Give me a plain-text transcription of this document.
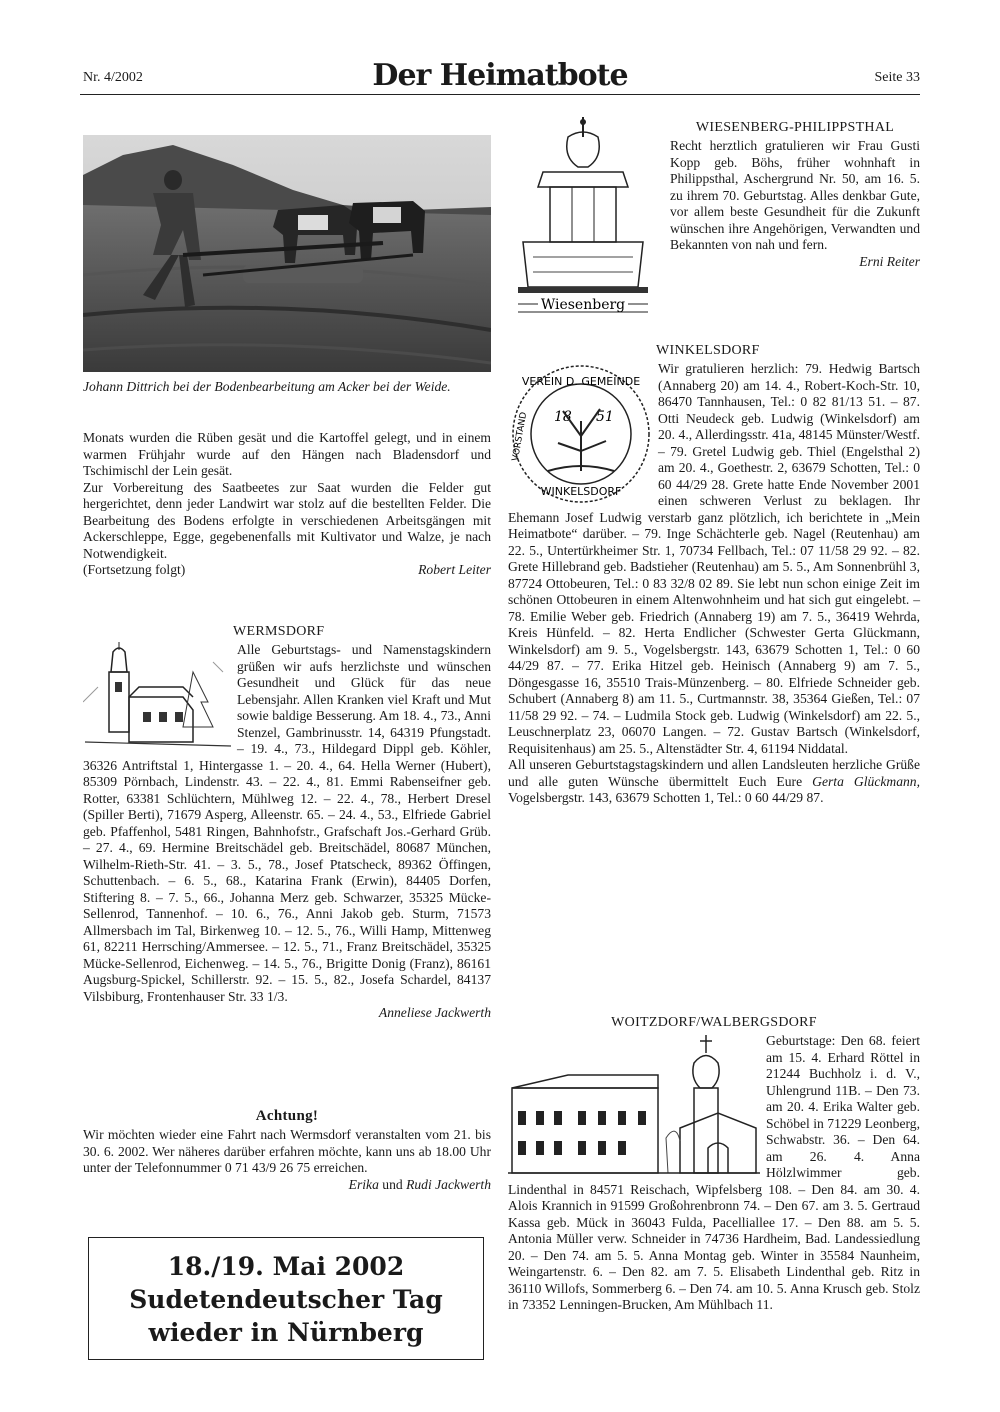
Nr. 4/2002	Der Heimatbote	Seite 33
Johann Dittrich bei der Bodenbearbeitung am Acker bei der Weide.

Monats wurden die Rüben gesät und die Kartoffel gelegt, und in einem warmen Frühjahr wurde auf den Hängen nach Bladensdorf und Tschimischl der Lein gesät.

Zur Vorbereitung des Saatbeetes zur Saat wurden die Felder gut hergerichtet, denn jeder Landwirt war stolz auf die bestellten Felder. Die Bearbeitung des Bodens erfolgte in verschiedenen Arbeitsgängen mit Ackerschleppe, Egge, gegebenenfalls mit Kultivator und Walze, je nach Notwendigkeit.

(Fortsetzung folgt)	Robert Leiter

WERMSDORF
Alle Geburtstags- und Namenstagskindern grüßen wir aufs herzlichste und wünschen Gesundheit und Glück für das neue Lebensjahr. Allen Kranken viel Kraft und Mut sowie baldige Besserung. Am 18. 4., 73., Anni Stenzel, Gambrinusstr. 14, 64319 Pfungstadt. – 19. 4., 73., Hildegard Dippl geb. Köhler, 36326 Antriftstal 1, Hintergasse 1. – 20. 4., 64. Hella Werner (Hubert), 85309 Pörnbach, Lindenstr. 43. – 22. 4., 81. Emmi Rabenseifner geb. Rotter, 63381 Schlüchtern, Mühlweg 12. – 22. 4., 78., Herbert Dresel (Spiller Berti), 71679 Asperg, Alleenstr. 65. – 24. 4., 53., Elfriede Gabriel geb. Pfaffenhol, 5481 Ringen, Bahnhofstr., Grafschaft Jos.-Gerhard Grüb. – 27. 4., 69. Hermine Breitschädel geb. Breitschädel, 80687 München, Wilhelm-Rieth-Str. 41. – 3. 5., 78., Josef Ptatscheck, 89362 Öffingen, Schuttenbach. – 6. 5., 68., Katarina Frank (Erwin), 84405 Dorfen, Stiftering 8. – 7. 5., 66., Johanna Merz geb. Schwarzer, 35325 Mücke-Sellenrod, Tannenhof. – 10. 6., 76., Anni Jakob geb. Sturm, 71573 Allmersbach im Tal, Birkenweg 10. – 12. 5., 76., Willi Hamp, Mittenweg 61, 82211 Herrsching/Ammersee. – 12. 5., 71., Franz Breitschädel, 35325 Mücke-Sellenrod, Eichenweg. – 14. 5., 76., Brigitte Donig (Franz), 86161 Augsburg-Spickel, Schillerstr. 92. – 15. 5., 82., Josefa Schardel, 84137 Vilsbiburg, Frontenhauser Str. 33 1/3.
Anneliese Jackwerth
Achtung!
Wir möchten wieder eine Fahrt nach Wermsdorf veranstalten vom 21. bis 30. 6. 2002. Wer näheres darüber erfahren möchte, kann uns ab 18.00 Uhr unter der Telefonnummer 0 71 43/9 26 75 erreichen.
Erika und Rudi Jackwerth
18./19. Mai 2002
Sudetendeutscher Tag
wieder in Nürnberg
Wiesenberg
WIESENBERG-PHILIPPSTHAL
Recht herztlich gratulieren wir Frau Gusti Kopp geb. Böhs, früher wohnhaft in Philippsthal, Aschergrund Nr. 50, am 16. 5. zu ihrem 70. Geburtstag. Alles denkbar Gute, vor allem beste Gesundheit für die Zukunft wünschen ihre Angehörigen, Verwandten und Bekannten von nah und fern.
Erni Reiter
WINKELSDORF
VEREIN D. GEMEINDE
WINKELSDORF
VORSTAND 18 51
Wir gratulieren herzlich: 79. Hedwig Bartsch (Annaberg 20) am 14. 4., Robert-Koch-Str. 10, 86470 Tannhausen, Tel.: 0 82 81/13 51. – 87. Otti Neudeck geb. Ludwig (Winkelsdorf) am 20. 4., Allerdingsstr. 41a, 48145 Münster/Westf. – 79. Gretel Ludwig geb. Thiel (Engelsthal 2) am 20. 4., Goethestr. 2, 63679 Schotten, Tel.: 0 60 44/29 28. Grete hatte Ende November 2001 einen schweren Verlust zu beklagen. Ihr Ehemann Josef Ludwig verstarb ganz plötzlich, ich berichtete in „Mein Heimatbote“ darüber. – 79. Inge Schächterle geb. Nagel (Reutenhau) am 22. 5., Untertürkheimer Str. 1, 70734 Fellbach, Tel.: 07 11/58 29 92. – 82. Grete Hillebrand geb. Badstieher (Reutenhau) am 5. 5., Am Sonnenbrühl 3, 87724 Ottobeuren, Tel.: 0 83 32/8 02 89. Sie lebt nun schon einige Zeit im schönen Ottobeuren in einem Altenwohnheim und hat sich gut eingelebt. – 78. Emilie Weber geb. Friedrich (Annaberg 19) am 7. 5., 36419 Wehrda, Kreis Hünfeld. – 82. Herta Endlicher (Schwester Gerta Glückmann, Winkelsdorf) am 9. 5., Vogelsbergstr. 143, 63679 Schotten 1, Tel.: 0 60 44/29 87. – 77. Erika Hitzel geb. Heinisch (Annaberg 9) am 7. 5., Döngesgasse 16, 35510 Trais-Münzenberg. – 80. Elfriede Schneider geb. Schubert (Annaberg 8) am 11. 5., Curtmannstr. 38, 35364 Gießen, Tel.: 07 11/58 29 92. – 74. – Ludmila Stock geb. Ludwig (Winkelsdorf) am 22. 5., Leuschnerplatz 23, 06070 Langen. – 72. Gustav Bartsch (Winkelsdorf, Requisitenhaus) am 25. 5., Altenstädter Str. 4, 61194 Niddatal.

All unseren Geburtstagstagskindern und allen Landsleuten herzliche Grüße und alle guten Wünsche übermittelt Euch Eure Gerta Glückmann, Vogelsbergstr. 143, 63679 Schotten 1, Tel.: 0 60 44/29 87.

WOITZDORF/WALBERGSDORF
Geburtstage: Den 68. feiert am 15. 4. Erhard Röttel in 21244 Buchholz i. d. V., Uhlengrund 11B. – Den 73. am 20. 4. Erika Walter geb. Schöbel in 71229 Leonberg, Schwabstr. 36. – Den 64. am 26. 4. Anna Hölzlwimmer geb. Lindenthal in 84571 Reischach, Wipfelsberg 108. – Den 84. am 30. 4. Alois Krannich in 91599 Großohrenbronn 74. – Den 67. am 3. 5. Gertraud Kassa geb. Mück in 36043 Fulda, Pacelliallee 17. – Den 88. am 5. 5. Antonia Müller verw. Schneider in 74736 Hardheim, Bad. Landessiedlung 20. – Den 74. am 5. 5. Anna Montag geb. Winter in 35584 Naunheim, Weingartenstr. 6. – Den 82. am 7. 5. Elisabeth Lindenthal geb. Ritz in 36110 Willofs, Sommerberg 6. – Den 74. am 10. 5. Anna Krusch geb. Stolz in 73352 Lenningen-Brucken, Am Mühlbach 11.
